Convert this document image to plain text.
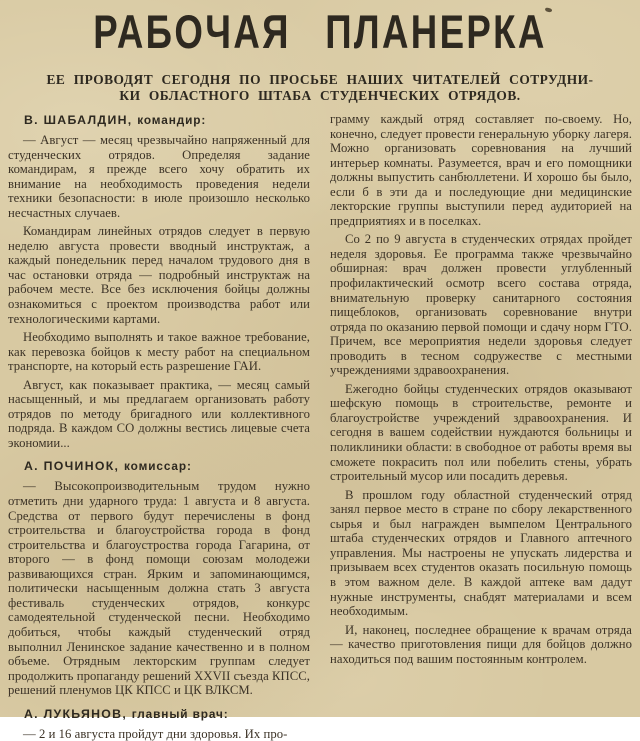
РАБОЧАЯ ПЛАНЕРКА
ЕЕ ПРОВОДЯТ СЕГОДНЯ ПО ПРОСЬБЕ НАШИХ ЧИТАТЕЛЕЙ СОТРУДНИ-
КИ ОБЛАСТНОГО ШТАБА СТУДЕНЧЕСКИХ ОТРЯДОВ.
В. ШАБАЛДИН, командир:

— Август — месяц чрезвычайно напряженный для студенческих отрядов. Определяя задание командирам, я прежде всего хочу обратить их внимание на необходимость проведения недели техники безопасности: в июле произошло несколько несчастных случаев.

Командирам линейных отрядов следует в первую неделю августа провести вводный инструктаж, а каждый понедельник перед началом трудового дня в час остановки отряда — подробный инструктаж на рабочем месте. Все без исключения бойцы должны ознакомиться с проектом производства работ или технологическими картами.

Необходимо выполнять и такое важное требование, как перевозка бойцов к месту работ на специальном транспорте, на который есть разрешение ГАИ.

Август, как показывает практика, — месяц самый насыщенный, и мы предлагаем организовать работу отрядов по методу бригадного или коллективного подряда. В каждом СО должны вестись лицевые счета экономии...

А. ПОЧИНОК, комиссар:

— Высокопроизводительным трудом нужно отметить дни ударного труда: 1 августа и 8 августа. Средства от первого будут перечислены в фонд строительства и благоустройства города в фонд строительства и благоустроства города Гагарина, от второго — в фонд помощи союзам молодежи развивающихся стран. Ярким и запоминающимся, политически насыщенным должна стать 3 августа фестиваль студенческих отрядов, конкурс самодеятельной студенческой песни. Необходимо добиться, чтобы каждый студенческий отряд выполнил Ленинское задание качественно и в полном объеме. Отрядным лекторским группам следует продолжить пропаганду решений XXVII съезда КПСС, решений пленумов ЦК КПСС и ЦК ВЛКСМ.

А. ЛУКЬЯНОВ, главный врач:

— 2 и 16 августа пройдут дни здоровья. Их про-

грамму каждый отряд составляет по-своему. Но, конечно, следует провести генеральную уборку лагеря. Можно организовать соревнования на лучший интерьер комнаты. Разумеется, врач и его помощники должны выпустить санбюллетени. И хорошо бы было, если б в эти да и последующие дни медицинские лекторские группы выступили перед аудиторией на предприятиях и в поселках.

Со 2 по 9 августа в студенческих отрядах пройдет неделя здоровья. Ее программа также чрезвычайно обширная: врач должен провести углубленный профилактический осмотр всего состава отряда, внимательную проверку санитарного состояния пищеблоков, организовать соревнование внутри отряда по оказанию первой помощи и сдачу норм ГТО. Причем, все мероприятия недели здоровья следует проводить в тесном содружестве с местными учреждениями здравоохранения.

Ежегодно бойцы студенческих отрядов оказывают шефскую помощь в строительстве, ремонте и благоустройстве учреждений здравоохранения. И сегодня в вашем содействии нуждаются больницы и поликлиники области: в свободное от работы время вы сможете покрасить пол или побелить стены, убрать строительный мусор или посадить деревья.

В прошлом году областной студенческий отряд занял первое место в стране по сбору лекарственного сырья и был награжден вымпелом Центрального штаба студенческих отрядов и Главного аптечного управления. Мы настроены не упускать лидерства и призываем всех студентов оказать посильную помощь в этом важном деле. В каждой аптеке вам дадут нужные инструменты, снабдят материалами и всем необходимым.

И, наконец, последнее обращение к врачам отряда — качество приготовления пищи для бойцов должно находиться под вашим постоянным контролем.
